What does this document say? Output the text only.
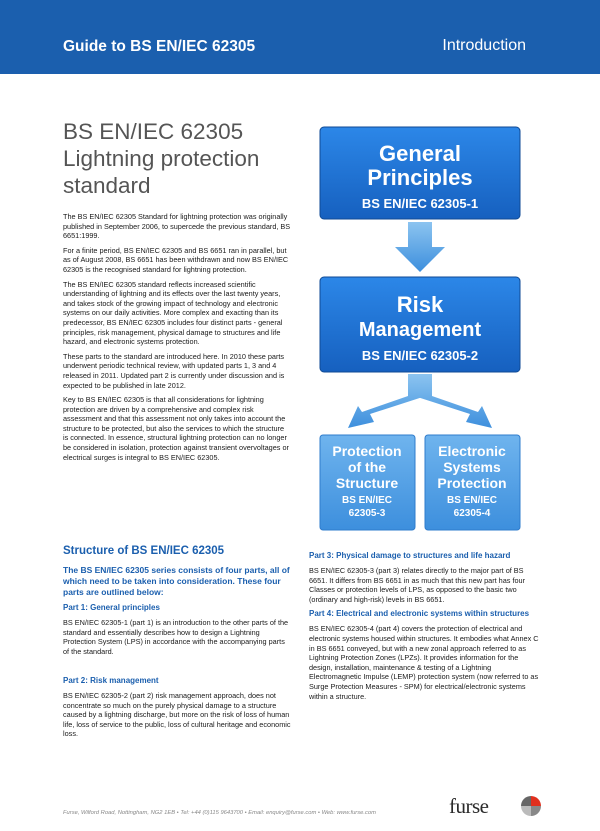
Guide to BS EN/IEC 62305	Introduction
BS EN/IEC 62305
Lightning protection
standard

The BS EN/IEC 62305 Standard for lightning protection was originally published in September 2006, to supercede the previous standard, BS 6651:1999.

For a finite period, BS EN/IEC 62305 and BS 6651 ran in parallel, but as of August 2008, BS 6651 has been withdrawn and now BS EN/IEC 62305 is the recognised standard for lightning protection.

The BS EN/IEC 62305 standard reflects increased scientific understanding of lightning and its effects over the last twenty years, and takes stock of the growing impact of technology and electronic systems on our daily activities. More complex and exacting than its predecessor, BS EN/IEC 62305 includes four distinct parts - general principles, risk management, physical damage to structures and life hazard, and electronic systems protection.

These parts to the standard are introduced here. In 2010 these parts underwent periodic technical review, with updated parts 1, 3 and 4 released in 2011. Updated part 2 is currently under discussion and is expected to be published in late 2012.

Key to BS EN/IEC 62305 is that all considerations for lightning protection are driven by a comprehensive and complex risk assessment and that this assessment not only takes into account the structure to be protected, but also the services to which the structure is connected. In essence, structural lightning protection can no longer be considered in isolation, protection against transient overvoltages or electrical surges is integral to BS EN/IEC 62305.

General
Principles
BS EN/IEC 62305-1
Risk
Management
BS EN/IEC 62305-2
Protection
of the
Structure
BS EN/IEC
62305-3
Electronic
Systems
Protection
BS EN/IEC
62305-4
Structure of BS EN/IEC 62305
The BS EN/IEC 62305 series consists of four parts, all of which need to be taken into consideration. These four parts are outlined below:

Part 1: General principles

BS EN/IEC 62305-1 (part 1) is an introduction to the other parts of the standard and essentially describes how to design a Lightning Protection System (LPS) in accordance with the accompanying parts of the standard.

Part 2: Risk management

BS EN/IEC 62305-2 (part 2) risk management approach, does not concentrate so much on the purely physical damage to a structure caused by a lightning discharge, but more on the risk of loss of human life, loss of service to the public, loss of cultural heritage and economic loss.

Part 3: Physical damage to structures and life hazard

BS EN/IEC 62305-3 (part 3) relates directly to the major part of BS 6651. It differs from BS 6651 in as much that this new part has four Classes or protection levels of LPS, as opposed to the basic two (ordinary and high-risk) levels in BS 6651.

Part 4: Electrical and electronic systems within structures

BS EN/IEC 62305-4 (part 4) covers the protection of electrical and electronic systems housed within structures. It embodies what Annex C in BS 6651 conveyed, but with a new zonal approach referred to as Lightning Protection Zones (LPZs). It provides information for the design, installation, maintenance & testing of a Lightning Electromagnetic Impulse (LEMP) protection system (now referred to as Surge Protection Measures - SPM) for electrical/electronic systems within a structure.

Furse, Wilford Road, Nottingham, NG2 1EB • Tel: +44 (0)115 9643700 • Email: enquiry@furse.com • Web: www.furse.com	furse
